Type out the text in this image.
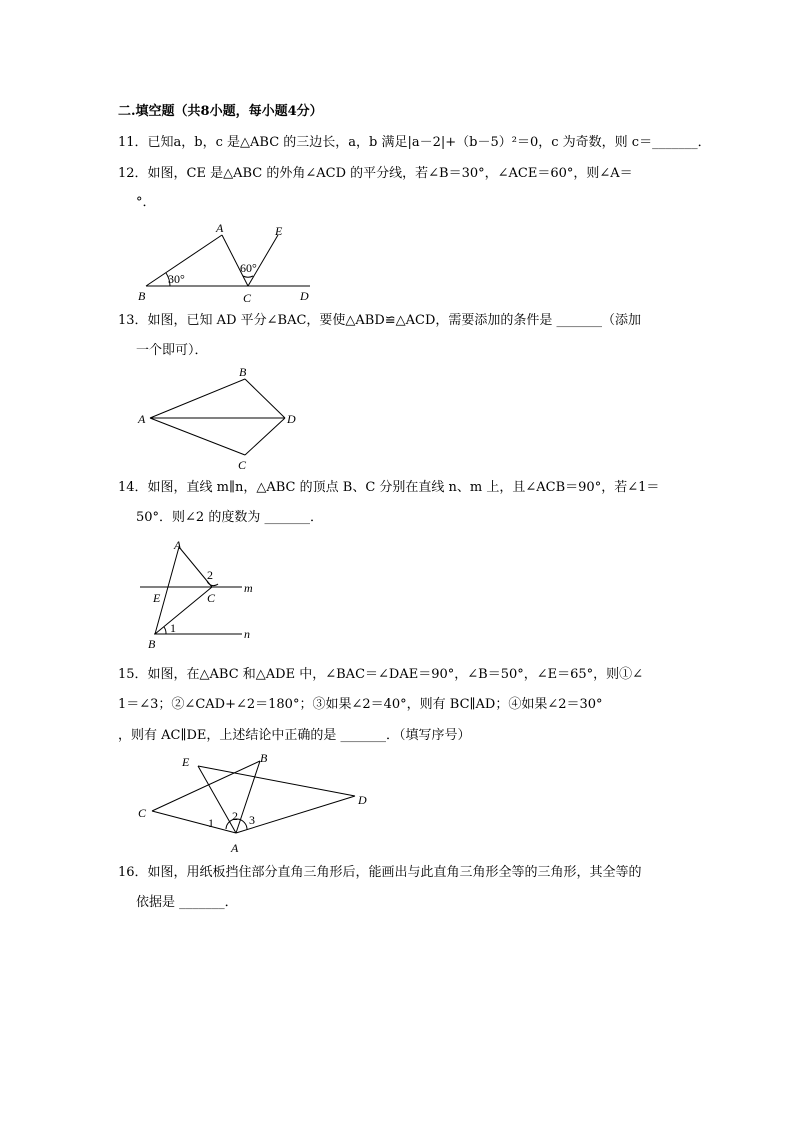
二.填空题（共8小题，每小题4分）
11．已知a，b，c 是△ABC 的三边长，a，b 满足|a－2|+（b－5）²＝0，c 为奇数，则 c＝_______．
12．如图，CE 是△ABC 的外角∠ACD 的平分线，若∠B＝30°，∠ACE＝60°，则∠A＝
°．
A	E
B	C	D
30°
60°
13．如图，已知 AD 平分∠BAC，要使△ABD≌△ACD，需要添加的条件是 _______（添加
一个即可）．
B
A	D
C
14．如图，直线 m∥n，△ABC 的顶点 B、C 分别在直线 n、m 上，且∠ACB＝90°，若∠1＝
50°．则∠2 的度数为 _______．
A
2
m
E	C
1	n
B
15．如图，在△ABC 和△ADE 中，∠BAC＝∠DAE＝90°，∠B＝50°，∠E＝65°，则①∠
1＝∠3；②∠CAD+∠2＝180°；③如果∠2＝40°，则有 BC∥AD；④如果∠2＝30°
，则有 AC∥DE，上述结论中正确的是 _______．（填写序号）
E	B
C
D
1 2 3
A
16．如图，用纸板挡住部分直角三角形后，能画出与此直角三角形全等的三角形，其全等的
依据是 _______．
